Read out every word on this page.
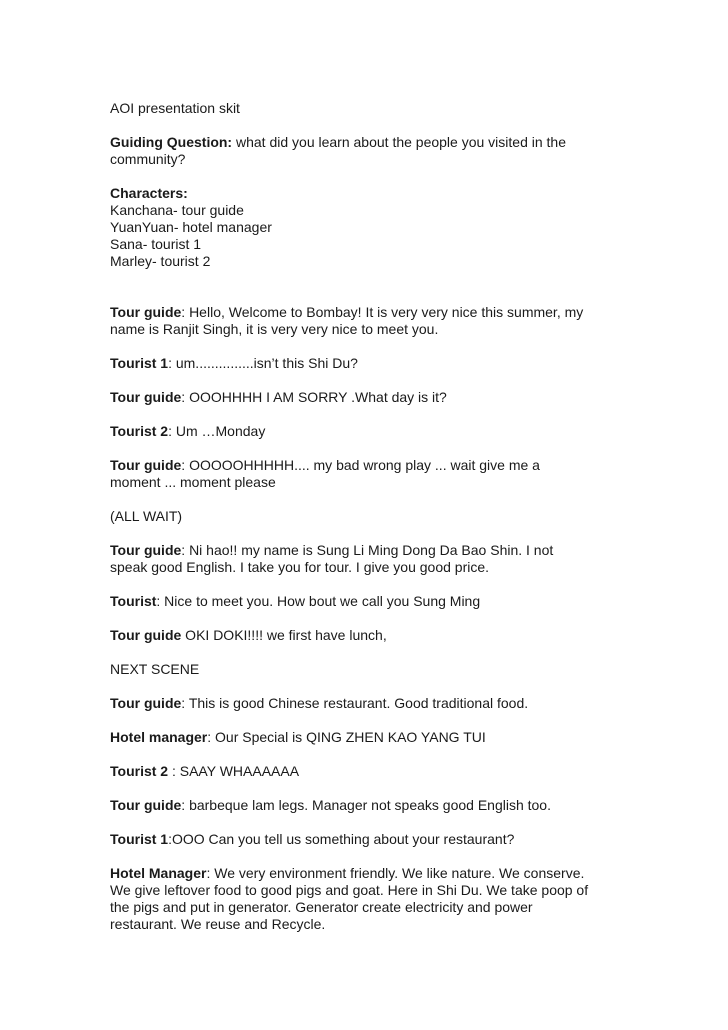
AOI presentation skit

Guiding Question: what did you learn about the people you visited in the
community?

Characters:
Kanchana- tour guide
YuanYuan- hotel manager
Sana- tourist 1
Marley- tourist 2

Tour guide: Hello, Welcome to Bombay! It is very very nice this summer, my
name is Ranjit Singh, it is very very nice to meet you.

Tourist 1: um...............isn’t this Shi Du?

Tour guide: OOOHHHH I AM SORRY .What day is it?

Tourist 2: Um …Monday

Tour guide: OOOOOHHHHH.... my bad wrong play ... wait give me a
moment ... moment please

(ALL WAIT)

Tour guide: Ni hao!! my name is Sung Li Ming Dong Da Bao Shin. I not
speak good English. I take you for tour. I give you good price.

Tourist: Nice to meet you. How bout we call you Sung Ming

Tour guide OKI DOKI!!!! we first have lunch,

NEXT SCENE

Tour guide: This is good Chinese restaurant. Good traditional food.

Hotel manager: Our Special is QING ZHEN KAO YANG TUI

Tourist 2 : SAAY WHAAAAAA

Tour guide: barbeque lam legs. Manager not speaks good English too.

Tourist 1:OOO Can you tell us something about your restaurant?

Hotel Manager: We very environment friendly. We like nature. We conserve.
We give leftover food to good pigs and goat. Here in Shi Du. We take poop of
the pigs and put in generator. Generator create electricity and power
restaurant. We reuse and Recycle.
